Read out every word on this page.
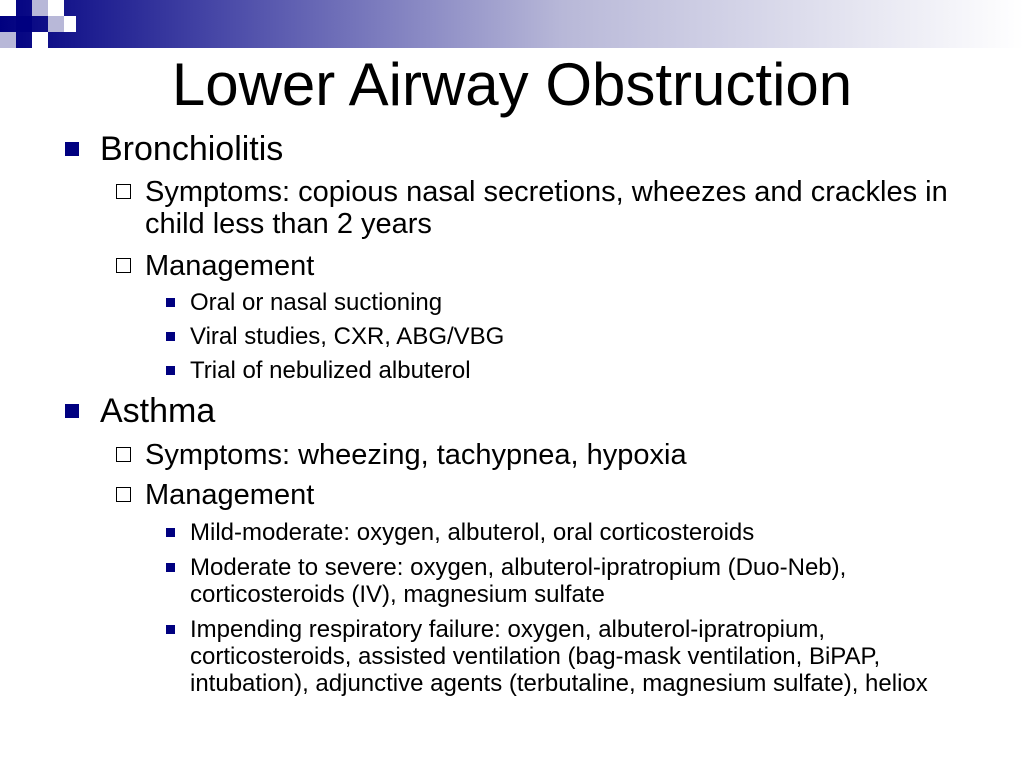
Lower Airway Obstruction
Bronchiolitis
Symptoms: copious nasal secretions, wheezes and crackles in child less than 2 years
Management
Oral or nasal suctioning
Viral studies, CXR, ABG/VBG
Trial of nebulized albuterol
Asthma
Symptoms: wheezing, tachypnea, hypoxia
Management
Mild-moderate: oxygen, albuterol, oral corticosteroids
Moderate to severe: oxygen, albuterol-ipratropium (Duo-Neb), corticosteroids (IV), magnesium sulfate
Impending respiratory failure: oxygen, albuterol-ipratropium, corticosteroids, assisted ventilation (bag-mask ventilation, BiPAP, intubation), adjunctive agents (terbutaline, magnesium sulfate), heliox
